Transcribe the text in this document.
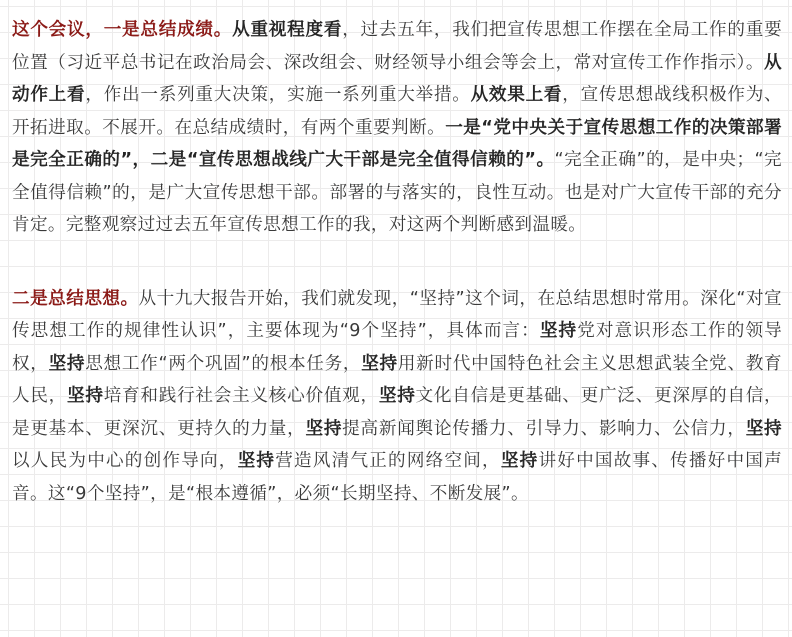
这个会议，一是总结成绩。从重视程度看，过去五年，我们把宣传思想工作摆在全局工作的重要位置（习近平总书记在政治局会、深改组会、财经领导小组会等会上，常对宣传工作作指示）。从动作上看，作出一系列重大决策，实施一系列重大举措。从效果上看，宣传思想战线积极作为、开拓进取。不展开。在总结成绩时，有两个重要判断。一是“党中央关于宣传思想工作的决策部署是完全正确的”，二是“宣传思想战线广大干部是完全值得信赖的”。“完全正确”的，是中央；“完全值得信赖”的，是广大宣传思想干部。部署的与落实的，良性互动。也是对广大宣传干部的充分肯定。完整观察过过去五年宣传思想工作的我，对这两个判断感到温暖。

二是总结思想。从十九大报告开始，我们就发现，“坚持”这个词，在总结思想时常用。深化“对宣传思想工作的规律性认识”，主要体现为“9个坚持”，具体而言：坚持党对意识形态工作的领导权，坚持思想工作“两个巩固”的根本任务，坚持用新时代中国特色社会主义思想武装全党、教育人民，坚持培育和践行社会主义核心价值观，坚持文化自信是更基础、更广泛、更深厚的自信，是更基本、更深沉、更持久的力量，坚持提高新闻舆论传播力、引导力、影响力、公信力，坚持以人民为中心的创作导向，坚持营造风清气正的网络空间，坚持讲好中国故事、传播好中国声音。这“9个坚持”，是“根本遵循”，必须“长期坚持、不断发展”。
